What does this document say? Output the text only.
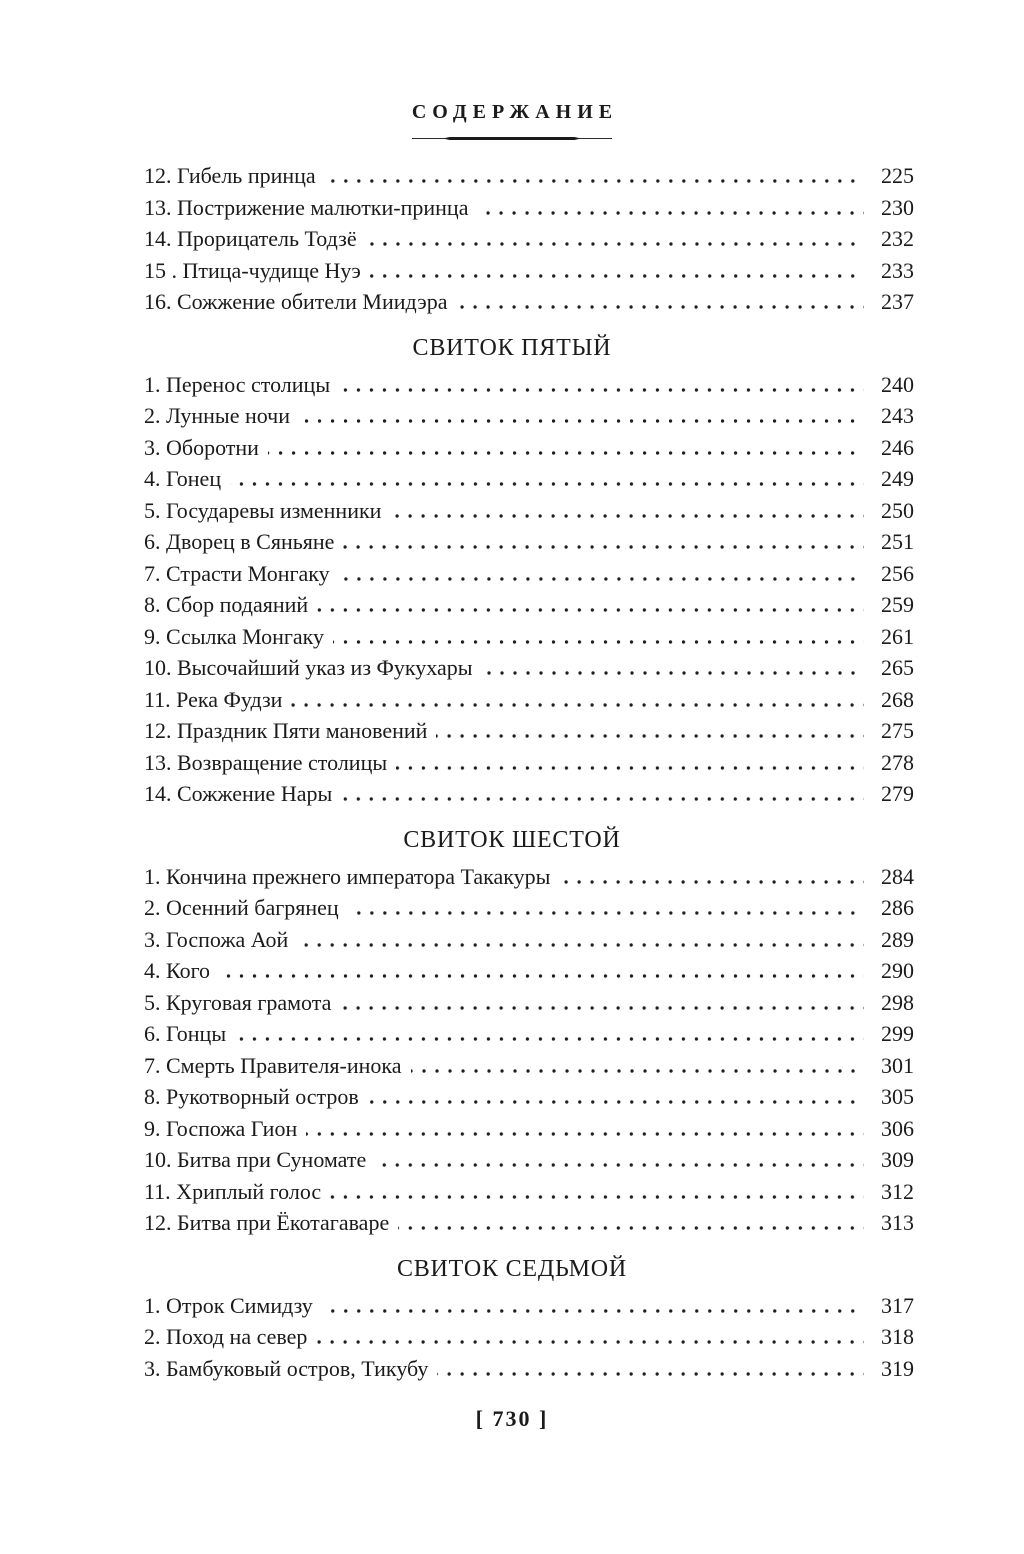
СОДЕРЖАНИЕ
12. Гибель принца	225
13. Пострижение малютки-принца	230
14. Прорицатель Тодзё	232
15 . Птица-чудище Нуэ	233
16. Сожжение обители Миидэра	237
СВИТОК ПЯТЫЙ
1. Перенос столицы	240
2. Лунные ночи	243
3. Оборотни	246
4. Гонец	249
5. Государевы изменники	250
6. Дворец в Сяньяне	251
7. Страсти Монгаку	256
8. Сбор подаяний	259
9. Ссылка Монгаку	261
10. Высочайший указ из Фукухары	265
11. Река Фудзи	268
12. Праздник Пяти мановений	275
13. Возвращение столицы	278
14. Сожжение Нары	279
СВИТОК ШЕСТОЙ
1. Кончина прежнего императора Такакуры	284
2. Осенний багрянец	286
3. Госпожа Аой	289
4. Кого	290
5. Круговая грамота	298
6. Гонцы	299
7. Смерть Правителя-инока	301
8. Рукотворный остров	305
9. Госпожа Гион	306
10. Битва при Суномате	309
11. Хриплый голос	312
12. Битва при Ёкотагаваре	313
СВИТОК СЕДЬМОЙ
1. Отрок Симидзу	317
2. Поход на север	318
3. Бамбуковый остров, Тикубу	319
[ 730 ]
